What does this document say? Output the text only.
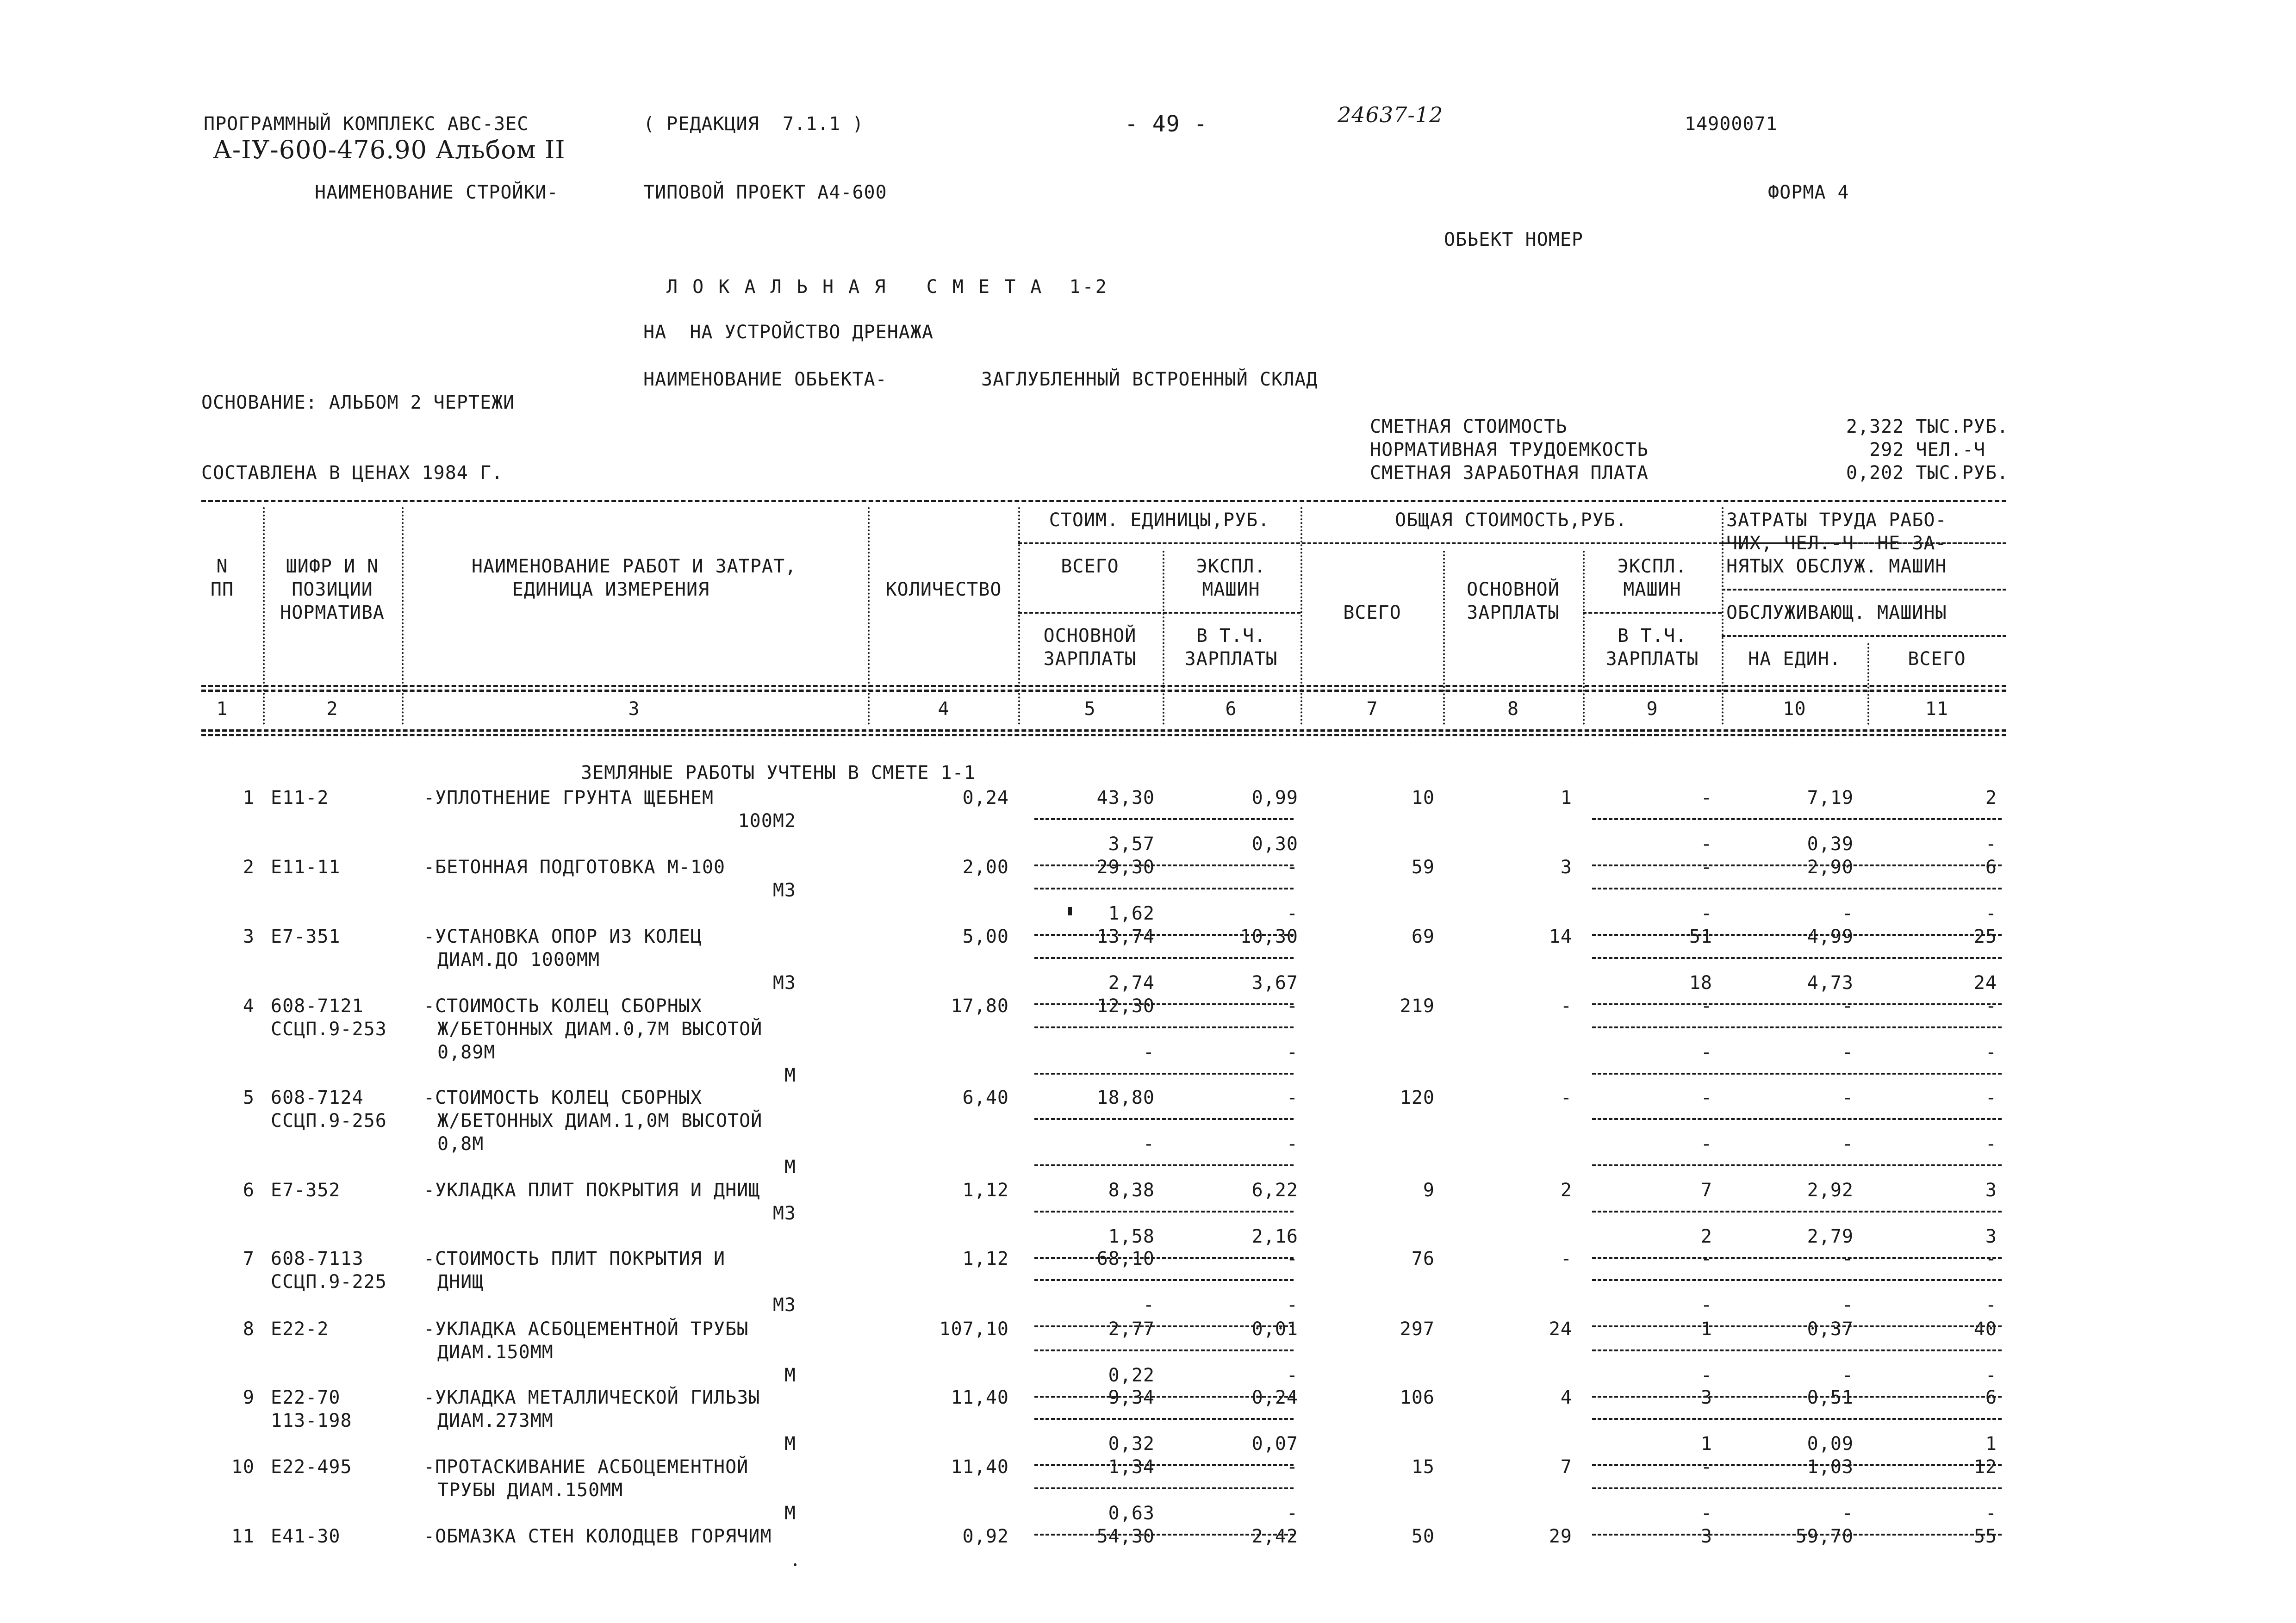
ПРОГРАММНЫЙ КОМПЛЕКС АВС-3ЕС	( РЕДАКЦИЯ  7.1.1 )	- 49 -	24637-12	14900071
А-IУ-600-476.90 Альбом II
НАИМЕНОВАНИЕ СТРОЙКИ-	ТИПОВОЙ ПРОЕКТ А4-600	ФОРМА 4
ОБЬЕКТ НОМЕР
Л О К А Л Ь Н А Я   С М Е Т А  1-2
НА  НА УСТРОЙСТВО ДРЕНАЖА
НАИМЕНОВАНИЕ ОБЬЕКТА-	ЗАГЛУБЛЕННЫЙ ВСТРОЕННЫЙ СКЛАД
ОСНОВАНИЕ: АЛЬБОМ 2 ЧЕРТЕЖИ
СМЕТНАЯ СТОИМОСТЬ	2,322 ТЫС.РУБ.
НОРМАТИВНАЯ ТРУДОЕМКОСТЬ	292 ЧЕЛ.-Ч
СОСТАВЛЕНА В ЦЕНАХ 1984 Г.	СМЕТНАЯ ЗАРАБОТНАЯ ПЛАТА	0,202 ТЫС.РУБ.
N
ПП
ШИФР И N
ПОЗИЦИИ
НОРМАТИВА
НАИМЕНОВАНИЕ РАБОТ И ЗАТРАТ,
ЕДИНИЦА ИЗМЕРЕНИЯ	КОЛИЧЕСТВО
СТОИМ. ЕДИНИЦЫ,РУБ.
ВСЕГО	ЭКСПЛ.
МАШИН
ОСНОВНОЙ
ЗАРПЛАТЫ
В Т.Ч.
ЗАРПЛАТЫ
ОБЩАЯ СТОИМОСТЬ,РУБ.
ВСЕГО
ОСНОВНОЙ
ЗАРПЛАТЫ
ЭКСПЛ.
МАШИН
В Т.Ч.
ЗАРПЛАТЫ
ЗАТРАТЫ ТРУДА РАБО-
ЧИХ, ЧЕЛ.-Ч  НЕ ЗА-
НЯТЫХ ОБСЛУЖ. МАШИН
ОБСЛУЖИВАЮЩ. МАШИНЫ
НА ЕДИН.	ВСЕГО
1	2	3	4	5	6	7	8	9	10	11
ЗЕМЛЯНЫЕ РАБОТЫ УЧТЕНЫ В СМЕТЕ 1-1
1 Е11-2	-УПЛОТНЕНИЕ ГРУНТА ЩЕБНЕМ
100М2
0,24	43,30	0,99	10	1	-	7,19	2
3,57	0,30	-	0,39	-
2 Е11-11	-БЕТОННАЯ ПОДГОТОВКА М-100
М3
2,00	29,30	-	59	3	-	2,90	6
1,62	-	-	-	-
3 Е7-351	-УСТАНОВКА ОПОР ИЗ КОЛЕЦ
ДИАМ.ДО 1000ММ
М3
5,00	13,74	10,30	69	14	51	4,99	25
2,74	3,67	18	4,73	24
4 608-7121
ССЦП.9-253
-СТОИМОСТЬ КОЛЕЦ СБОРНЫХ
Ж/БЕТОННЫХ ДИАМ.0,7М ВЫСОТОЙ
0,89М
М
17,80	12,30	-	219	-	-	-	-
-	-	-	-	-
5 608-7124
ССЦП.9-256
-СТОИМОСТЬ КОЛЕЦ СБОРНЫХ
Ж/БЕТОННЫХ ДИАМ.1,0М ВЫСОТОЙ
0,8М
М
6,40	18,80	-	120	-	-	-	-
-	-	-	-	-
6 Е7-352	-УКЛАДКА ПЛИТ ПОКРЫТИЯ И ДНИЩ
М3
1,12	8,38	6,22	9	2	7	2,92	3
1,58	2,16	2	2,79	3
7 608-7113
ССЦП.9-225
-СТОИМОСТЬ ПЛИТ ПОКРЫТИЯ И
ДНИЩ
М3
1,12	68,10	-	76	-	-	-	-
-	-	-	-	-
8 Е22-2	-УКЛАДКА АСБОЦЕМЕНТНОЙ ТРУБЫ
ДИАМ.150ММ
М
107,10	2,77	0,01	297	24	1	0,37	40
0,22	-	-	-	-
9 Е22-70
113-198
-УКЛАДКА МЕТАЛЛИЧЕСКОЙ ГИЛЬЗЫ
ДИАМ.273ММ
М
11,40	9,34	0,24	106	4	3	0,51	6
0,32	0,07	1	0,09	1
10 Е22-495	-ПРОТАСКИВАНИЕ АСБОЦЕМЕНТНОЙ
ТРУБЫ ДИАМ.150ММ
М
11,40	1,34	-	15	7	-	1,03	12
0,63	-	-	-	-
11 Е41-30	-ОБМАЗКА СТЕН КОЛОДЦЕВ ГОРЯЧИМ	0,92	54,30	2,42	50	29	3	59,70	55
